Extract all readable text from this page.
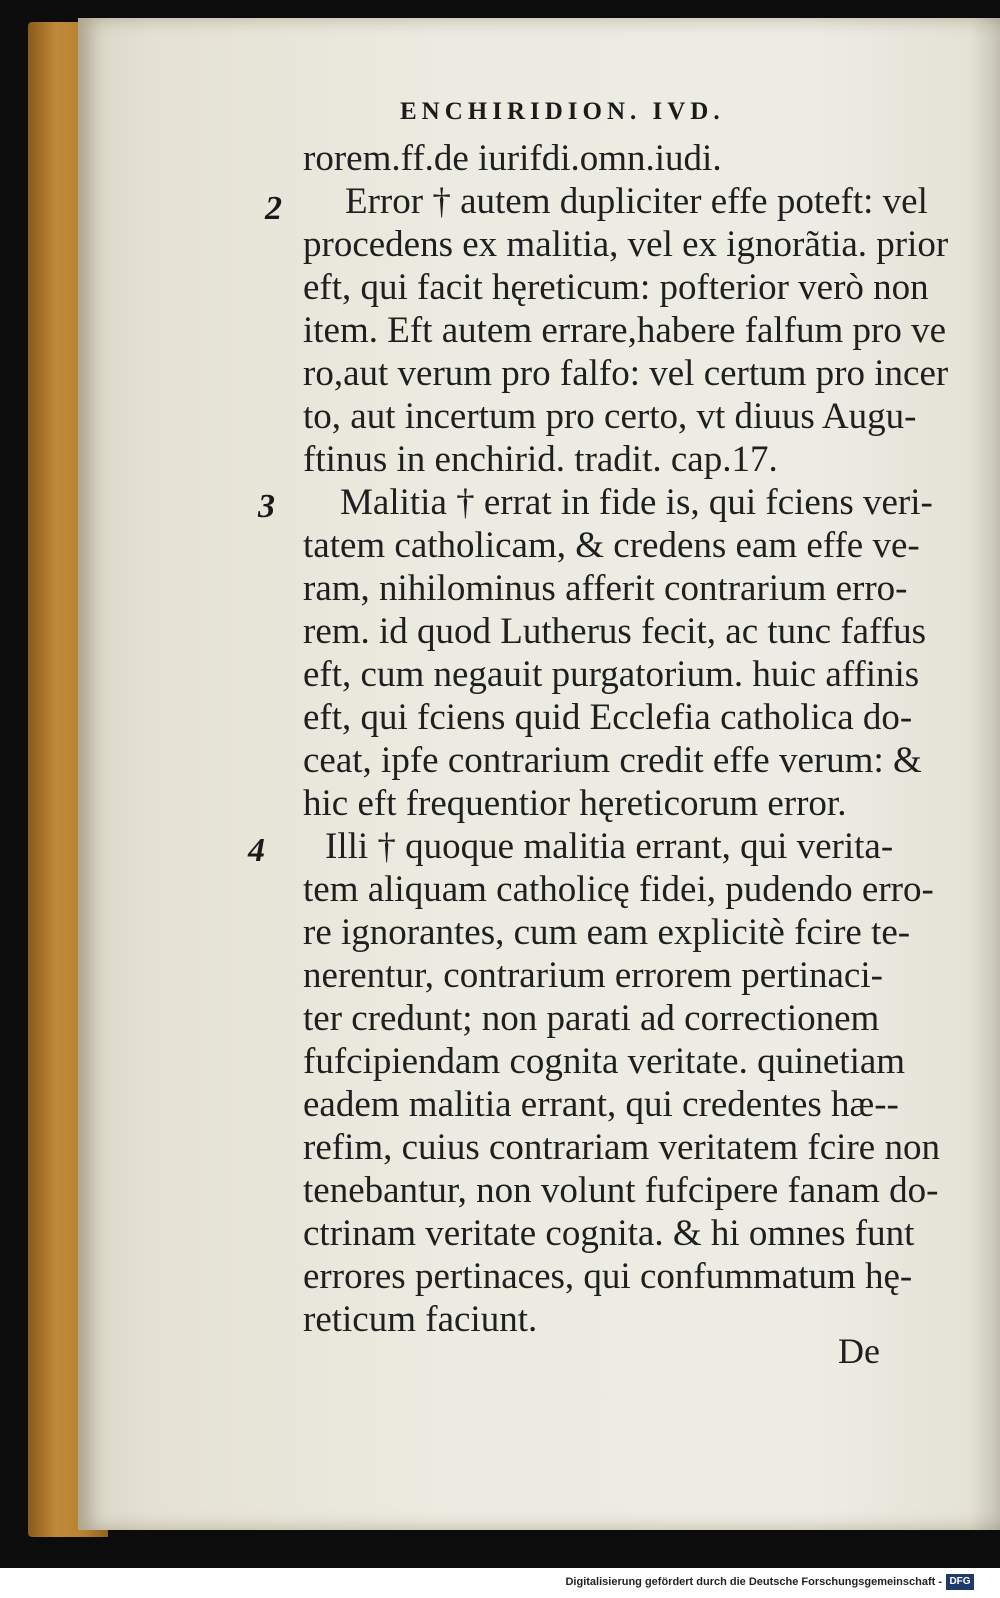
ENCHIRIDION. IVD.
rorem.ff.de iurifdi.omn.iudi.
Error † autem dupliciter effe poteft: vel
procedens ex malitia, vel ex ignorãtia. prior
eft, qui facit hęreticum: pofterior verò non
item. Eft autem errare,habere falfum pro ve
ro,aut verum pro falfo: vel certum pro incer
to, aut incertum pro certo, vt diuus Augu-
ftinus in enchirid. tradit. cap.17.
Malitia † errat in fide is, qui fciens veri-
tatem catholicam, & credens eam effe ve-
ram, nihilominus afferit contrarium erro-
rem. id quod Lutherus fecit, ac tunc faffus
eft, cum negauit purgatorium. huic affinis
eft, qui fciens quid Ecclefia catholica do-
ceat, ipfe contrarium credit effe verum: &
hic eft frequentior hęreticorum error.
Illi † quoque malitia errant, qui verita-
tem aliquam catholicę fidei, pudendo erro-
re ignorantes, cum eam explicitè fcire te-
nerentur, contrarium errorem pertinaci-
ter credunt; non parati ad correctionem
fufcipiendam cognita veritate. quinetiam
eadem malitia errant, qui credentes hæ--
refim, cuius contrariam veritatem fcire non
tenebantur, non volunt fufcipere fanam do-
ctrinam veritate cognita. & hi omnes funt
errores pertinaces, qui confummatum hę-
reticum faciunt.
2
3
4
De
Digitalisierung gefördert durch die Deutsche Forschungsgemeinschaft - DFG
